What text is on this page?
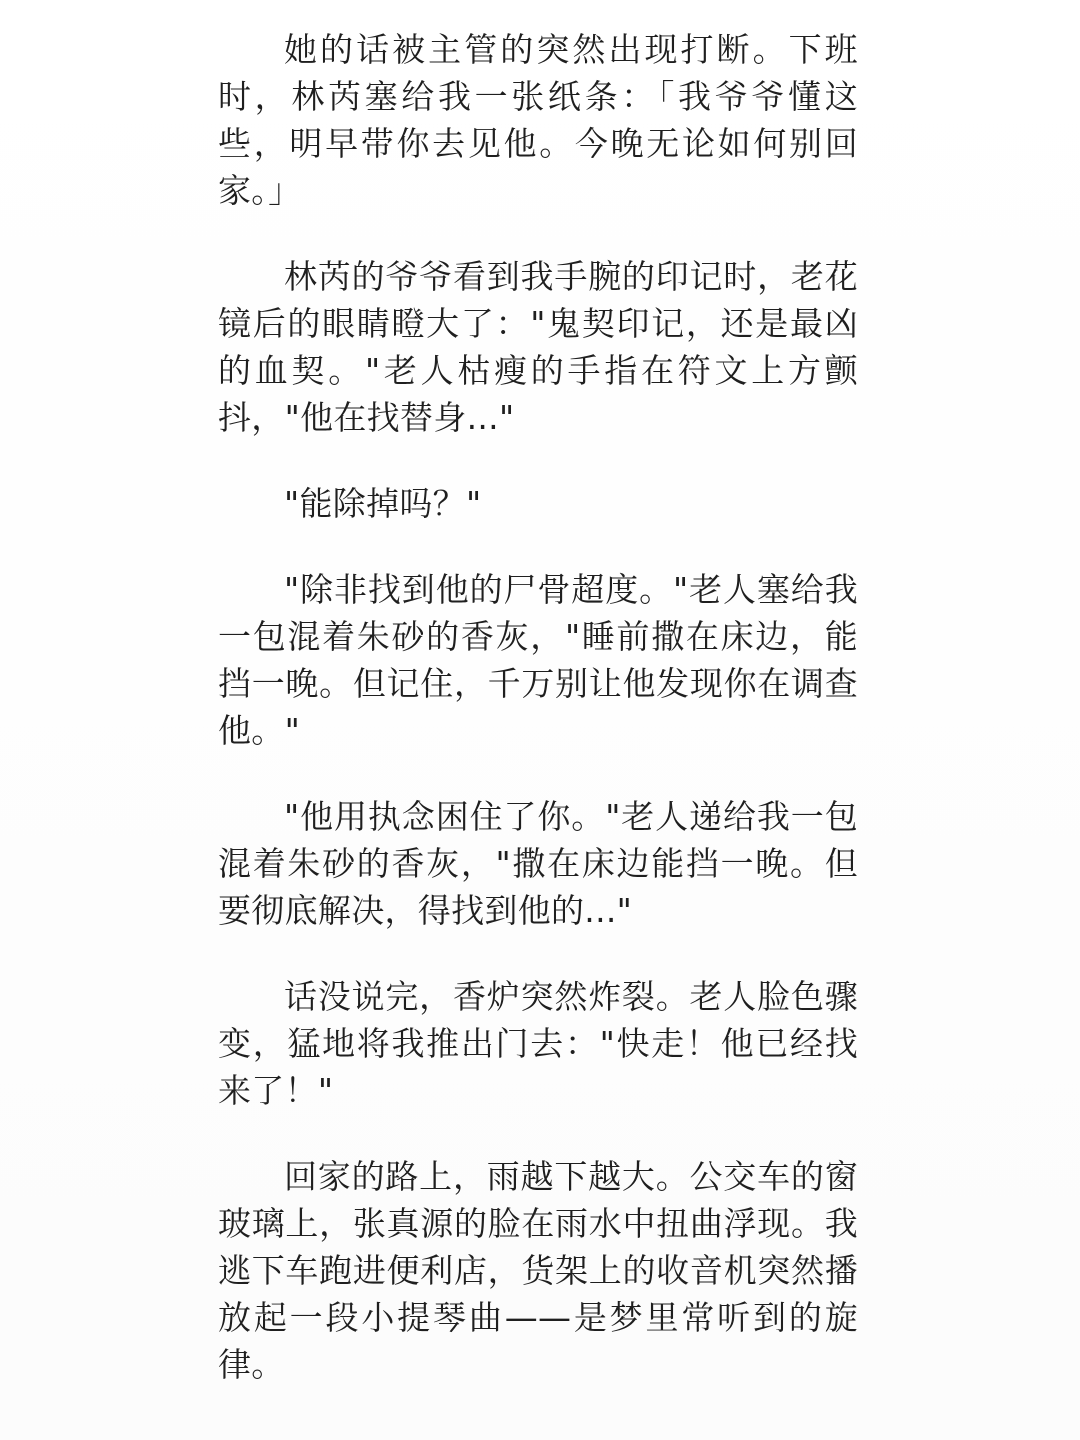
她的话被主管的突然出现打断。下班时，林芮塞给我一张纸条：「我爷爷懂这些，明早带你去见他。今晚无论如何别回家。」

林芮的爷爷看到我手腕的印记时，老花镜后的眼睛瞪大了："鬼契印记，还是最凶的血契。"老人枯瘦的手指在符文上方颤抖，"他在找替身..."

"能除掉吗？"

"除非找到他的尸骨超度。"老人塞给我一包混着朱砂的香灰，"睡前撒在床边，能挡一晚。但记住，千万别让他发现你在调查他。"

"他用执念困住了你。"老人递给我一包混着朱砂的香灰，"撒在床边能挡一晚。但要彻底解决，得找到他的..."

话没说完，香炉突然炸裂。老人脸色骤变，猛地将我推出门去："快走！他已经找来了！"

回家的路上，雨越下越大。公交车的窗玻璃上，张真源的脸在雨水中扭曲浮现。我逃下车跑进便利店，货架上的收音机突然播放起一段小提琴曲——是梦里常听到的旋律。
